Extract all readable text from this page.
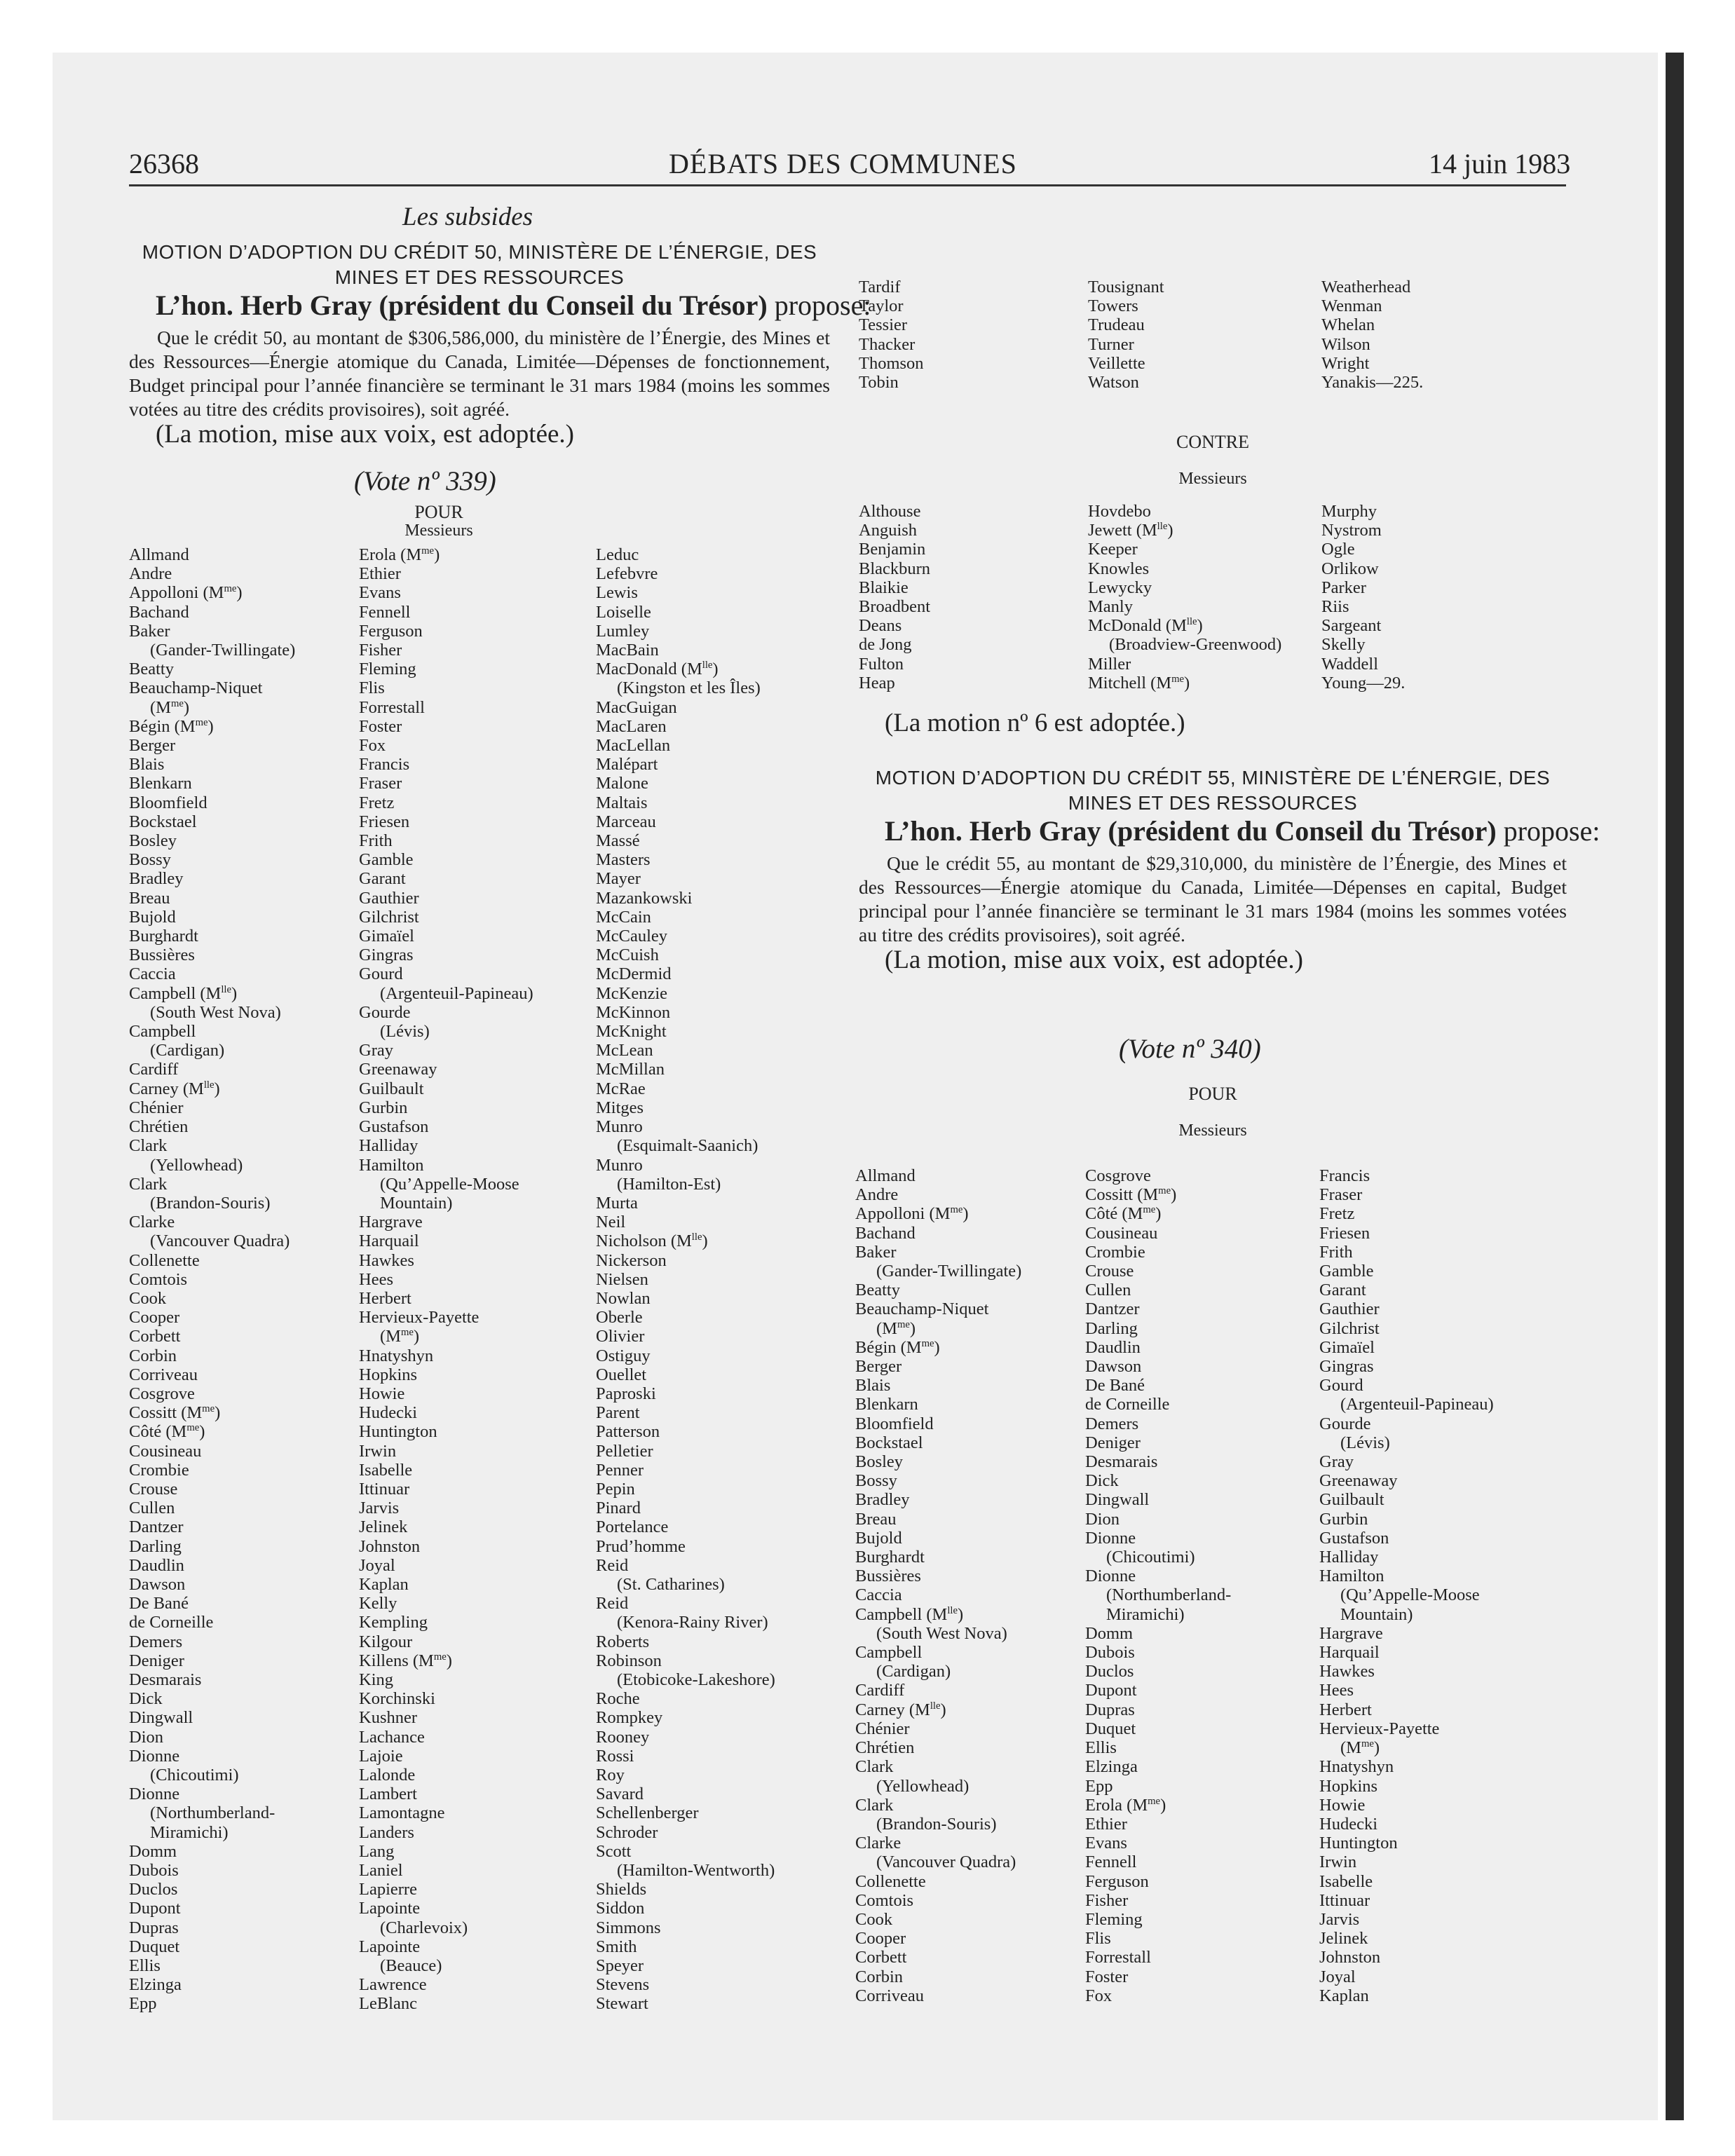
26368	DÉBATS DES COMMUNES	14 juin 1983
Les subsides
MOTION D’ADOPTION DU CRÉDIT 50, MINISTÈRE DE L’ÉNERGIE, DES MINES ET DES RESSOURCES
L’hon. Herb Gray (président du Conseil du Trésor) propose:
Que le crédit 50, au montant de $306,586,000, du ministère de l’Énergie, des Mines et des Ressources—Énergie atomique du Canada, Limitée—Dépenses de fonctionnement, Budget principal pour l’année financière se terminant le 31 mars 1984 (moins les sommes votées au titre des crédits provisoires), soit agréé.
(La motion, mise aux voix, est adoptée.)
(Vote nº 339)
POUR
Messieurs
Allmand
Andre
Appolloni $(M^{me})$
Bachand
Baker
(Gander-Twillingate)
Beatty
Beauchamp-Niquet
$(M^{me})$
Bégin $(M^{me})$
Berger
Blais
Blenkarn
Bloomfield
Bockstael
Bosley
Bossy
Bradley
Breau
Bujold
Burghardt
Bussières
Caccia
Campbell $(M^{lle})$
(South West Nova)
Campbell
(Cardigan)
Cardiff
Carney $(M^{lle})$
Chénier
Chrétien
Clark
(Yellowhead)
Clark
(Brandon-Souris)
Clarke
(Vancouver Quadra)
Collenette
Comtois
Cook
Cooper
Corbett
Corbin
Corriveau
Cosgrove
Cossitt $(M^{me})$
Côté $(M^{me})$
Cousineau
Crombie
Crouse
Cullen
Dantzer
Darling
Daudlin
Dawson
De Bané
de Corneille
Demers
Deniger
Desmarais
Dick
Dingwall
Dion
Dionne
(Chicoutimi)
Dionne
(Northumberland-
Miramichi)
Domm
Dubois
Duclos
Dupont
Dupras
Duquet
Ellis
Elzinga
Epp
Erola $(M^{me})$
Ethier
Evans
Fennell
Ferguson
Fisher
Fleming
Flis
Forrestall
Foster
Fox
Francis
Fraser
Fretz
Friesen
Frith
Gamble
Garant
Gauthier
Gilchrist
Gimaïel
Gingras
Gourd
(Argenteuil-Papineau)
Gourde
(Lévis)
Gray
Greenaway
Guilbault
Gurbin
Gustafson
Halliday
Hamilton
(Qu’Appelle-Moose
Mountain)
Hargrave
Harquail
Hawkes
Hees
Herbert
Hervieux-Payette
$(M^{me})$
Hnatyshyn
Hopkins
Howie
Hudecki
Huntington
Irwin
Isabelle
Ittinuar
Jarvis
Jelinek
Johnston
Joyal
Kaplan
Kelly
Kempling
Kilgour
Killens $(M^{me})$
King
Korchinski
Kushner
Lachance
Lajoie
Lalonde
Lambert
Lamontagne
Landers
Lang
Laniel
Lapierre
Lapointe
(Charlevoix)
Lapointe
(Beauce)
Lawrence
LeBlanc
Leduc
Lefebvre
Lewis
Loiselle
Lumley
MacBain
MacDonald $(M^{lle})$
(Kingston et les Îles)
MacGuigan
MacLaren
MacLellan
Malépart
Malone
Maltais
Marceau
Massé
Masters
Mayer
Mazankowski
McCain
McCauley
McCuish
McDermid
McKenzie
McKinnon
McKnight
McLean
McMillan
McRae
Mitges
Munro
(Esquimalt-Saanich)
Munro
(Hamilton-Est)
Murta
Neil
Nicholson $(M^{lle})$
Nickerson
Nielsen
Nowlan
Oberle
Olivier
Ostiguy
Ouellet
Paproski
Parent
Patterson
Pelletier
Penner
Pepin
Pinard
Portelance
Prud’homme
Reid
(St. Catharines)
Reid
(Kenora-Rainy River)
Roberts
Robinson
(Etobicoke-Lakeshore)
Roche
Rompkey
Rooney
Rossi
Roy
Savard
Schellenberger
Schroder
Scott
(Hamilton-Wentworth)
Shields
Siddon
Simmons
Smith
Speyer
Stevens
Stewart
Tardif
Taylor
Tessier
Thacker
Thomson
Tobin
Tousignant
Towers
Trudeau
Turner
Veillette
Watson
Weatherhead
Wenman
Whelan
Wilson
Wright
Yanakis—225.
CONTRE
Messieurs
Althouse
Anguish
Benjamin
Blackburn
Blaikie
Broadbent
Deans
de Jong
Fulton
Heap
Hovdebo
Jewett $(M^{lle})$
Keeper
Knowles
Lewycky
Manly
McDonald $(M^{lle})$
(Broadview-Greenwood)
Miller
Mitchell $(M^{me})$
Murphy
Nystrom
Ogle
Orlikow
Parker
Riis
Sargeant
Skelly
Waddell
Young—29.
(La motion nº 6 est adoptée.)
MOTION D’ADOPTION DU CRÉDIT 55, MINISTÈRE DE L’ÉNERGIE, DES MINES ET DES RESSOURCES
L’hon. Herb Gray (président du Conseil du Trésor) propose:
Que le crédit 55, au montant de $29,310,000, du ministère de l’Énergie, des Mines et des Ressources—Énergie atomique du Canada, Limitée—Dépenses en capital, Budget principal pour l’année financière se terminant le 31 mars 1984 (moins les sommes votées au titre des crédits provisoires), soit agréé.
(La motion, mise aux voix, est adoptée.)
(Vote nº 340)
POUR
Messieurs
Allmand
Andre
Appolloni $(M^{me})$
Bachand
Baker
(Gander-Twillingate)
Beatty
Beauchamp-Niquet
$(M^{me})$
Bégin $(M^{me})$
Berger
Blais
Blenkarn
Bloomfield
Bockstael
Bosley
Bossy
Bradley
Breau
Bujold
Burghardt
Bussières
Caccia
Campbell $(M^{lle})$
(South West Nova)
Campbell
(Cardigan)
Cardiff
Carney $(M^{lle})$
Chénier
Chrétien
Clark
(Yellowhead)
Clark
(Brandon-Souris)
Clarke
(Vancouver Quadra)
Collenette
Comtois
Cook
Cooper
Corbett
Corbin
Corriveau
Cosgrove
Cossitt $(M^{me})$
Côté $(M^{me})$
Cousineau
Crombie
Crouse
Cullen
Dantzer
Darling
Daudlin
Dawson
De Bané
de Corneille
Demers
Deniger
Desmarais
Dick
Dingwall
Dion
Dionne
(Chicoutimi)
Dionne
(Northumberland-
Miramichi)
Domm
Dubois
Duclos
Dupont
Dupras
Duquet
Ellis
Elzinga
Epp
Erola $(M^{me})$
Ethier
Evans
Fennell
Ferguson
Fisher
Fleming
Flis
Forrestall
Foster
Fox
Francis
Fraser
Fretz
Friesen
Frith
Gamble
Garant
Gauthier
Gilchrist
Gimaïel
Gingras
Gourd
(Argenteuil-Papineau)
Gourde
(Lévis)
Gray
Greenaway
Guilbault
Gurbin
Gustafson
Halliday
Hamilton
(Qu’Appelle-Moose
Mountain)
Hargrave
Harquail
Hawkes
Hees
Herbert
Hervieux-Payette
$(M^{me})$
Hnatyshyn
Hopkins
Howie
Hudecki
Huntington
Irwin
Isabelle
Ittinuar
Jarvis
Jelinek
Johnston
Joyal
Kaplan
